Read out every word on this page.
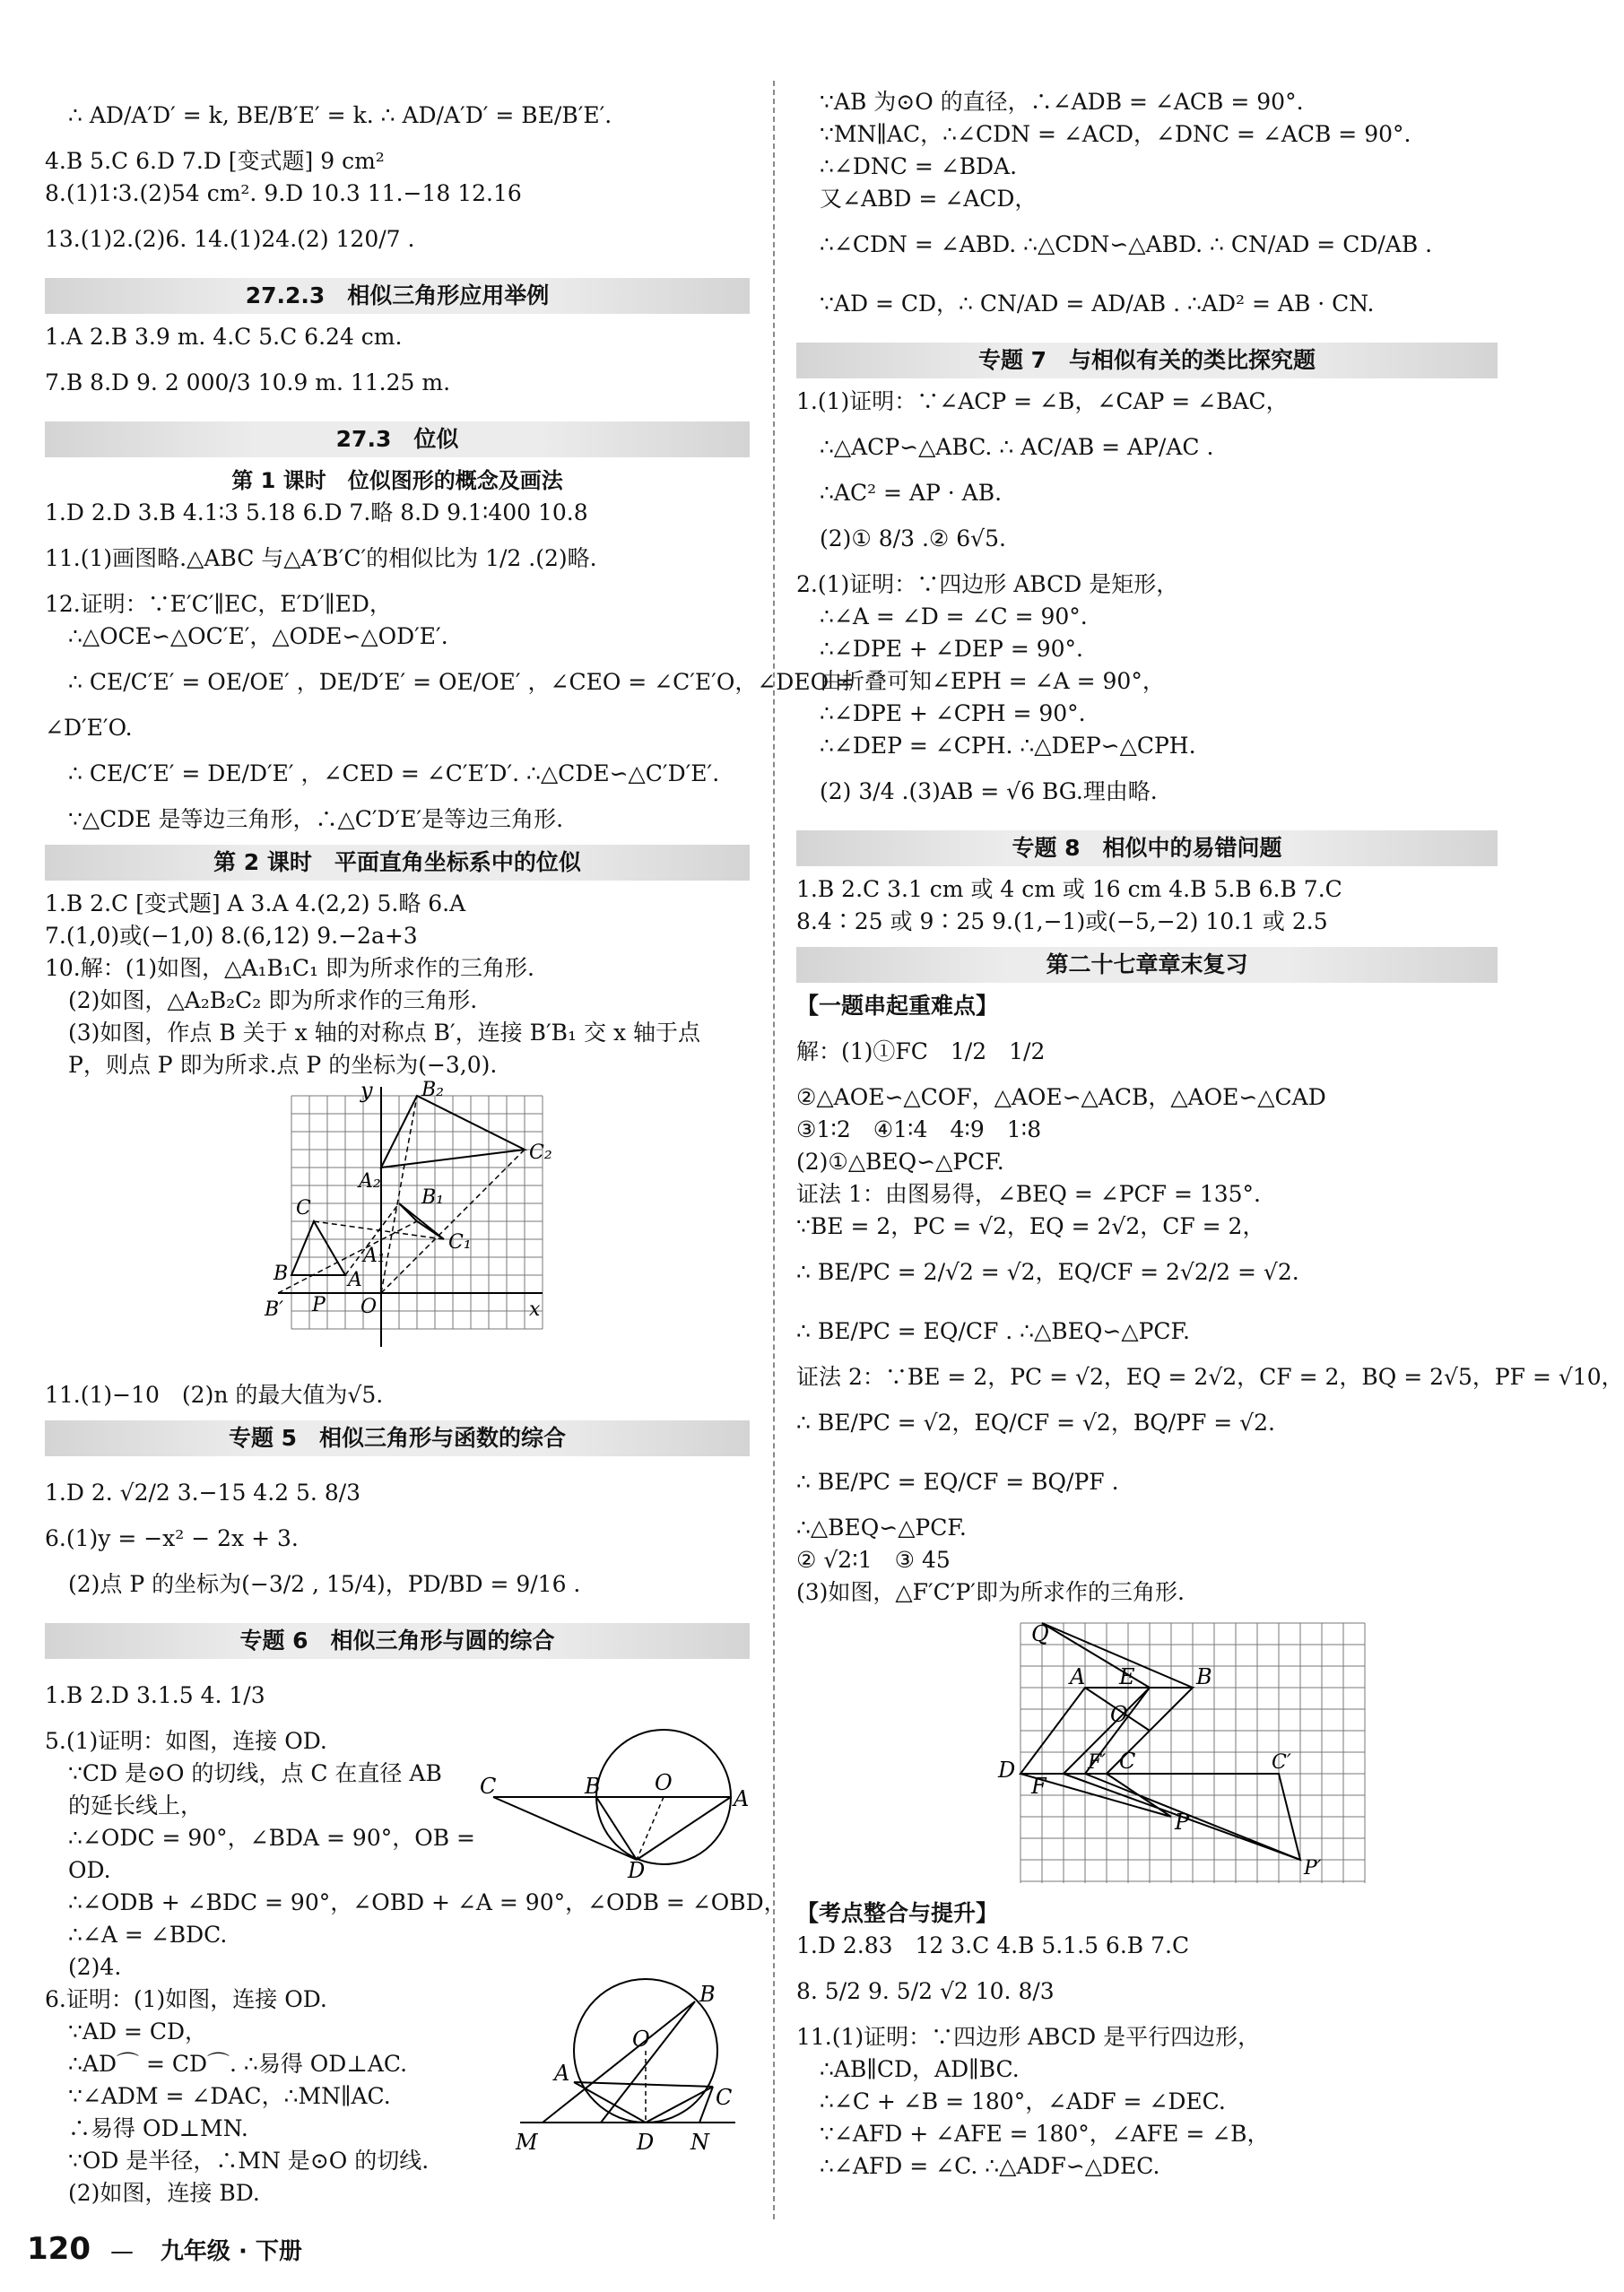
∴ AD/A′D′ = k, BE/B′E′ = k. ∴ AD/A′D′ = BE/B′E′.
4.B 5.C 6.D 7.D [变式题] 9 cm²
8.(1)1∶3.(2)54 cm². 9.D 10.3 11.−18 12.16
13.(1)2.(2)6. 14.(1)24.(2) 120/7 .
27.2.3　相似三角形应用举例
1.A 2.B 3.9 m. 4.C 5.C 6.24 cm.
7.B 8.D 9. 2 000/3 10.9 m. 11.25 m.
27.3　位似
第 1 课时　位似图形的概念及画法
1.D 2.D 3.B 4.1∶3 5.18 6.D 7.略 8.D 9.1∶400 10.8
11.(1)画图略.△ABC 与△A′B′C′的相似比为 1/2 .(2)略.
12.证明：∵E′C′∥EC，E′D′∥ED，
∴△OCE∽△OC′E′，△ODE∽△OD′E′.
∴ CE/C′E′ = OE/OE′ ，DE/D′E′ = OE/OE′ ，∠CEO = ∠C′E′O，∠DEO =
∠D′E′O.
∴ CE/C′E′ = DE/D′E′ ，∠CED = ∠C′E′D′. ∴△CDE∽△C′D′E′.
∵△CDE 是等边三角形，∴△C′D′E′是等边三角形.
第 2 课时　平面直角坐标系中的位似
1.B 2.C [变式题] A 3.A 4.(2,2) 5.略 6.A
7.(1,0)或(−1,0) 8.(6,12) 9.−2a+3
10.解：(1)如图，△A₁B₁C₁ 即为所求作的三角形.
(2)如图，△A₂B₂C₂ 即为所求作的三角形.
(3)如图，作点 B 关于 x 轴的对称点 B′，连接 B′B₁ 交 x 轴于点
P，则点 P 即为所求.点 P 的坐标为(−3,0).
y B₂
C₂
A₂
B₁
C
C₁
A₁
B	A
P O	x
B′
11.(1)−10　(2)n 的最大值为√5.
专题 5　相似三角形与函数的综合
1.D 2. √2/2 3.−15 4.2 5. 8/3
6.(1)y = −x² − 2x + 3.
(2)点 P 的坐标为(−3/2 , 15/4)，PD/BD = 9/16 .
专题 6　相似三角形与圆的综合
1.B 2.D 3.1.5 4. 1/3
5.(1)证明：如图，连接 OD.
∵CD 是⊙O 的切线，点 C 在直径 AB
的延长线上，
∴∠ODC = 90°，∠BDA = 90°，OB =
OD.
C	B	O
A
D
∴∠ODB + ∠BDC = 90°，∠OBD + ∠A = 90°，∠ODB = ∠OBD，
∴∠A = ∠BDC.
(2)4.
6.证明：(1)如图，连接 OD.
∵AD = CD，
∴AD⌒ = CD⌒. ∴易得 OD⊥AC.
∵∠ADM = ∠DAC，∴MN∥AC.
∴易得 OD⊥MN.
∵OD 是半径，∴MN 是⊙O 的切线.
(2)如图，连接 BD.
B
O
A
C
M	D N
∵AB 为⊙O 的直径，∴∠ADB = ∠ACB = 90°.
∵MN∥AC，∴∠CDN = ∠ACD，∠DNC = ∠ACB = 90°.
∴∠DNC = ∠BDA.
又∠ABD = ∠ACD，
∴∠CDN = ∠ABD. ∴△CDN∽△ABD. ∴ CN/AD = CD/AB .
∵AD = CD，∴ CN/AD = AD/AB . ∴AD² = AB · CN.
专题 7　与相似有关的类比探究题
1.(1)证明：∵∠ACP = ∠B，∠CAP = ∠BAC，
∴△ACP∽△ABC. ∴ AC/AB = AP/AC .
∴AC² = AP · AB.
(2)① 8/3 .② 6√5.
2.(1)证明：∵四边形 ABCD 是矩形，
∴∠A = ∠D = ∠C = 90°.
∴∠DPE + ∠DEP = 90°.
由折叠可知∠EPH = ∠A = 90°，
∴∠DPE + ∠CPH = 90°.
∴∠DEP = ∠CPH. ∴△DEP∽△CPH.
(2) 3/4 .(3)AB = √6 BG.理由略.
专题 8　相似中的易错问题
1.B 2.C 3.1 cm 或 4 cm 或 16 cm 4.B 5.B 6.B 7.C
8.4∶25 或 9∶25 9.(1,−1)或(−5,−2) 10.1 或 2.5
第二十七章章末复习
【一题串起重难点】
解：(1)①FC　1/2　1/2
②△AOE∽△COF，△AOE∽△ACB，△AOE∽△CAD
③1∶2　④1∶4　4∶9　1∶8
(2)①△BEQ∽△PCF.
证法 1：由图易得，∠BEQ = ∠PCF = 135°.
∵BE = 2，PC = √2，EQ = 2√2，CF = 2，
∴ BE/PC = 2/√2 = √2，EQ/CF = 2√2/2 = √2.
∴ BE/PC = EQ/CF . ∴△BEQ∽△PCF.
证法 2：∵BE = 2，PC = √2，EQ = 2√2，CF = 2，BQ = 2√5，PF = √10，
∴ BE/PC = √2，EQ/CF = √2，BQ/PF = √2.
∴ BE/PC = EQ/CF = BQ/PF .
∴△BEQ∽△PCF.
② √2∶1　③ 45
(3)如图，△F′C′P′即为所求作的三角形.
Q
A E	B
O
D	F′ C	C′
F
P
P′
【考点整合与提升】
1.D 2.83　12 3.C 4.B 5.1.5 6.B 7.C
8. 5/2 9. 5/2 √2 10. 8/3
11.(1)证明：∵四边形 ABCD 是平行四边形，
∴AB∥CD，AD∥BC.
∴∠C + ∠B = 180°，∠ADF = ∠DEC.
∵∠AFD + ∠AFE = 180°，∠AFE = ∠B，
∴∠AFD = ∠C. ∴△ADF∽△DEC.
120 — 九年级 · 下册
